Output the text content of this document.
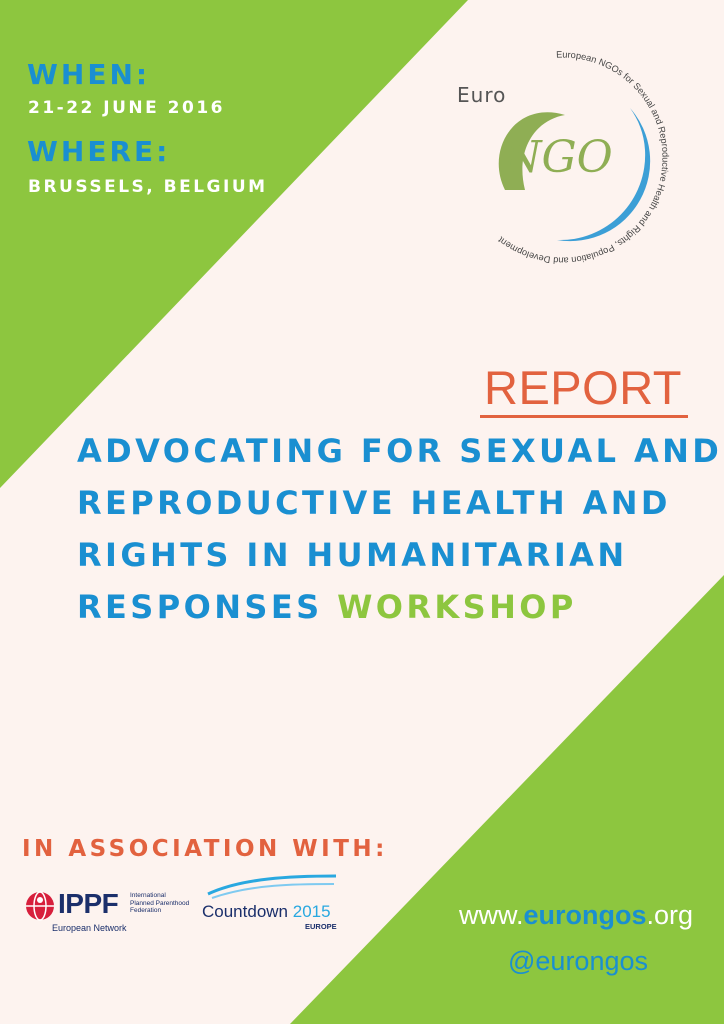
WHEN:
21-22 JUNE 2016
WHERE:
BRUSSELS, BELGIUM
European NGOs for Sexual and Reproductive Health and Rights, Population and Development
Euro
NGO
REPORT
ADVOCATING FOR SEXUAL AND
REPRODUCTIVE HEALTH AND
RIGHTS IN HUMANITARIAN
RESPONSES WORKSHOP
IN ASSOCIATION WITH:
IPPF International
Planned Parenthood
Federation
European Network
Countdown 2015
EUROPE	www.eurongos.org
@eurongos
